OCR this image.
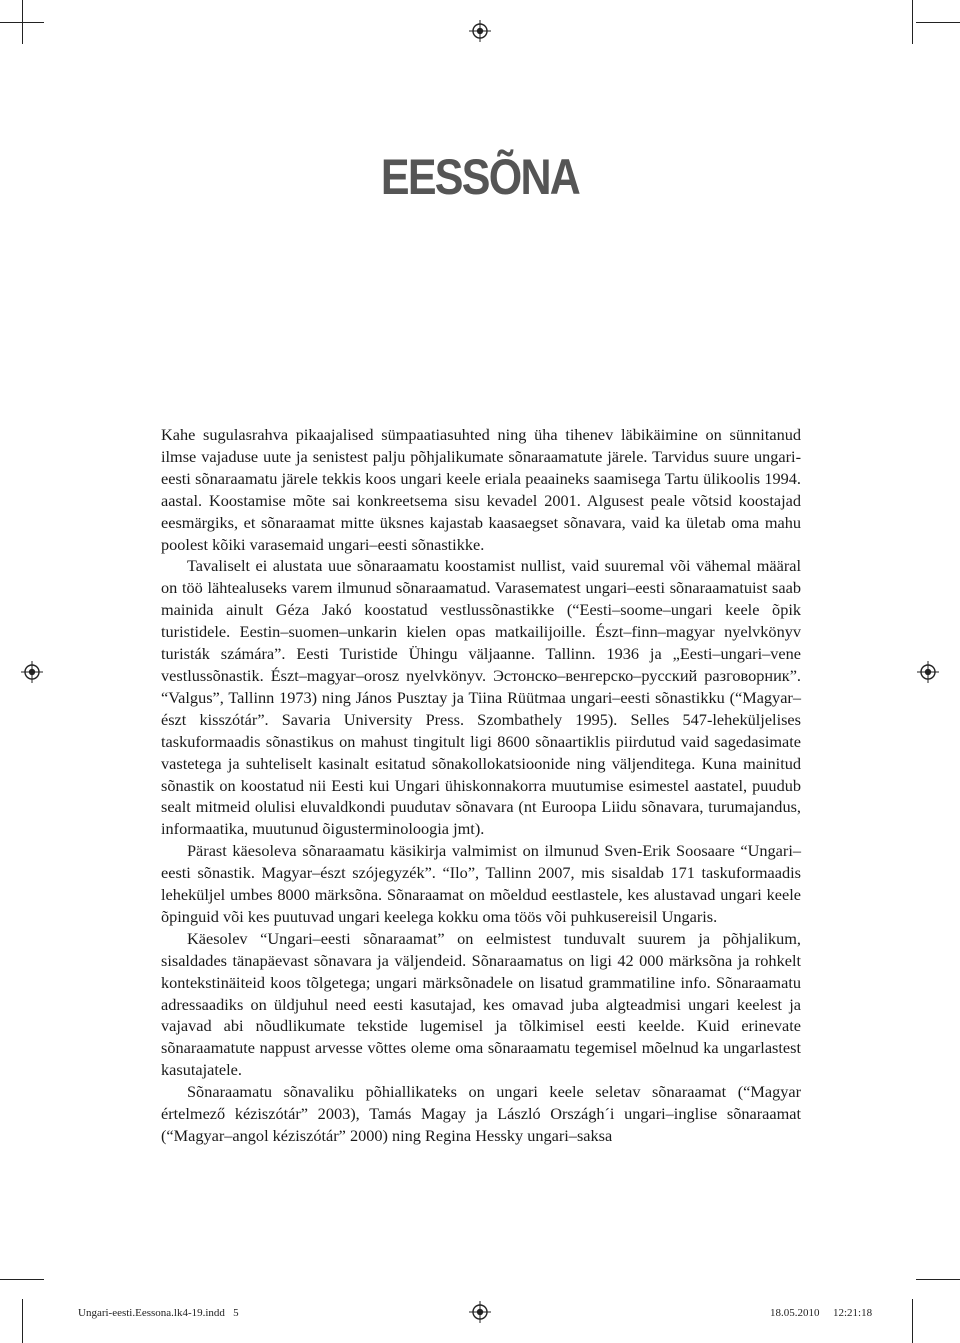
EESSÕNA

Kahe sugulasrahva pikaajalised sümpaatiasuhted ning üha tihenev läbikäimine on sünnitanud ilmse vajaduse uute ja senistest palju põhjalikumate sõnaraamatute järele. Tarvidus suure ungari-eesti sõnaraamatu järele tekkis koos ungari keele eriala peaaineks saamisega Tartu ülikoolis 1994. aastal. Koostamise mõte sai konkreetsema sisu kevadel 2001. Algusest peale võtsid koostajad eesmärgiks, et sõnaraamat mitte üksnes kajastab kaasaegset sõnavara, vaid ka ületab oma mahu poolest kõiki varasemaid ungari–eesti sõnastikke.

Tavaliselt ei alustata uue sõnaraamatu koostamist nullist, vaid suuremal või vähemal määral on töö lähtealuseks varem ilmunud sõnaraamatud. Varasematest ungari–eesti sõnaraamatuist saab mainida ainult Géza Jakó koostatud vestlussõnastikke (“Eesti–soome–ungari keele õpik turistidele. Eestin–suomen–unkarin kielen opas matkailijoille. Észt–finn–magyar nyelvkönyv turisták számára”. Eesti Turistide Ühingu väljaanne. Tallinn. 1936 ja „Eesti–ungari–vene vestlussõnastik. Észt–magyar–orosz nyelvkönyv. Эстонско–венгерско–русский разговорник”. “Valgus”, Tallinn 1973) ning János Pusztay ja Tiina Rüütmaa ungari–eesti sõnastikku (“Magyar–észt kisszótár”. Savaria University Press. Szombathely 1995). Selles 547-leheküljelises taskuformaadis sõnastikus on mahust tingitult ligi 8600 sõnaartiklis piirdutud vaid sagedasimate vastetega ja suhteliselt kasinalt esitatud sõnakollokatsioonide ning väljenditega. Kuna mainitud sõnastik on koostatud nii Eesti kui Ungari ühiskonnakorra muutumise esimestel aastatel, puudub sealt mitmeid olulisi eluvaldkondi puudutav sõnavara (nt Euroopa Liidu sõnavara, turumajandus, informaatika, muutunud õigusterminoloogia jmt).

Pärast käesoleva sõnaraamatu käsikirja valmimist on ilmunud Sven-Erik Soosaare “Ungari–eesti sõnastik. Magyar–észt szójegyzék”. “Ilo”, Tallinn 2007, mis sisaldab 171 taskuformaadis leheküljel umbes 8000 märksõna. Sõnaraamat on mõeldud eestlastele, kes alustavad ungari keele õpinguid või kes puutuvad ungari keelega kokku oma töös või puhkusereisil Ungaris.

Käesolev “Ungari–eesti sõnaraamat” on eelmistest tunduvalt suurem ja põhjalikum, sisaldades tänapäevast sõnavara ja väljendeid. Sõnaraamatus on ligi 42 000 märksõna ja rohkelt kontekstinäiteid koos tõlgetega; ungari märksõnadele on lisatud grammatiline info. Sõnaraamatu adressaadiks on üldjuhul need eesti kasutajad, kes omavad juba algteadmisi ungari keelest ja vajavad abi nõudlikumate tekstide lugemisel ja tõlkimisel eesti keelde. Kuid erinevate sõnaraamatute nappust arvesse võttes oleme oma sõnaraamatu tegemisel mõelnud ka ungarlastest kasutajatele.

Sõnaraamatu sõnavaliku põhiallikateks on ungari keele seletav sõnaraamat (“Magyar értelmező kéziszótár” 2003), Tamás Magay ja László Országh´i ungari–inglise sõnaraamat (“Magyar–angol kéziszótár” 2000) ning Regina Hessky ungari–saksa

Ungari-eesti.Eessona.lk4-19.indd   5	18.05.2010 12:21:18
